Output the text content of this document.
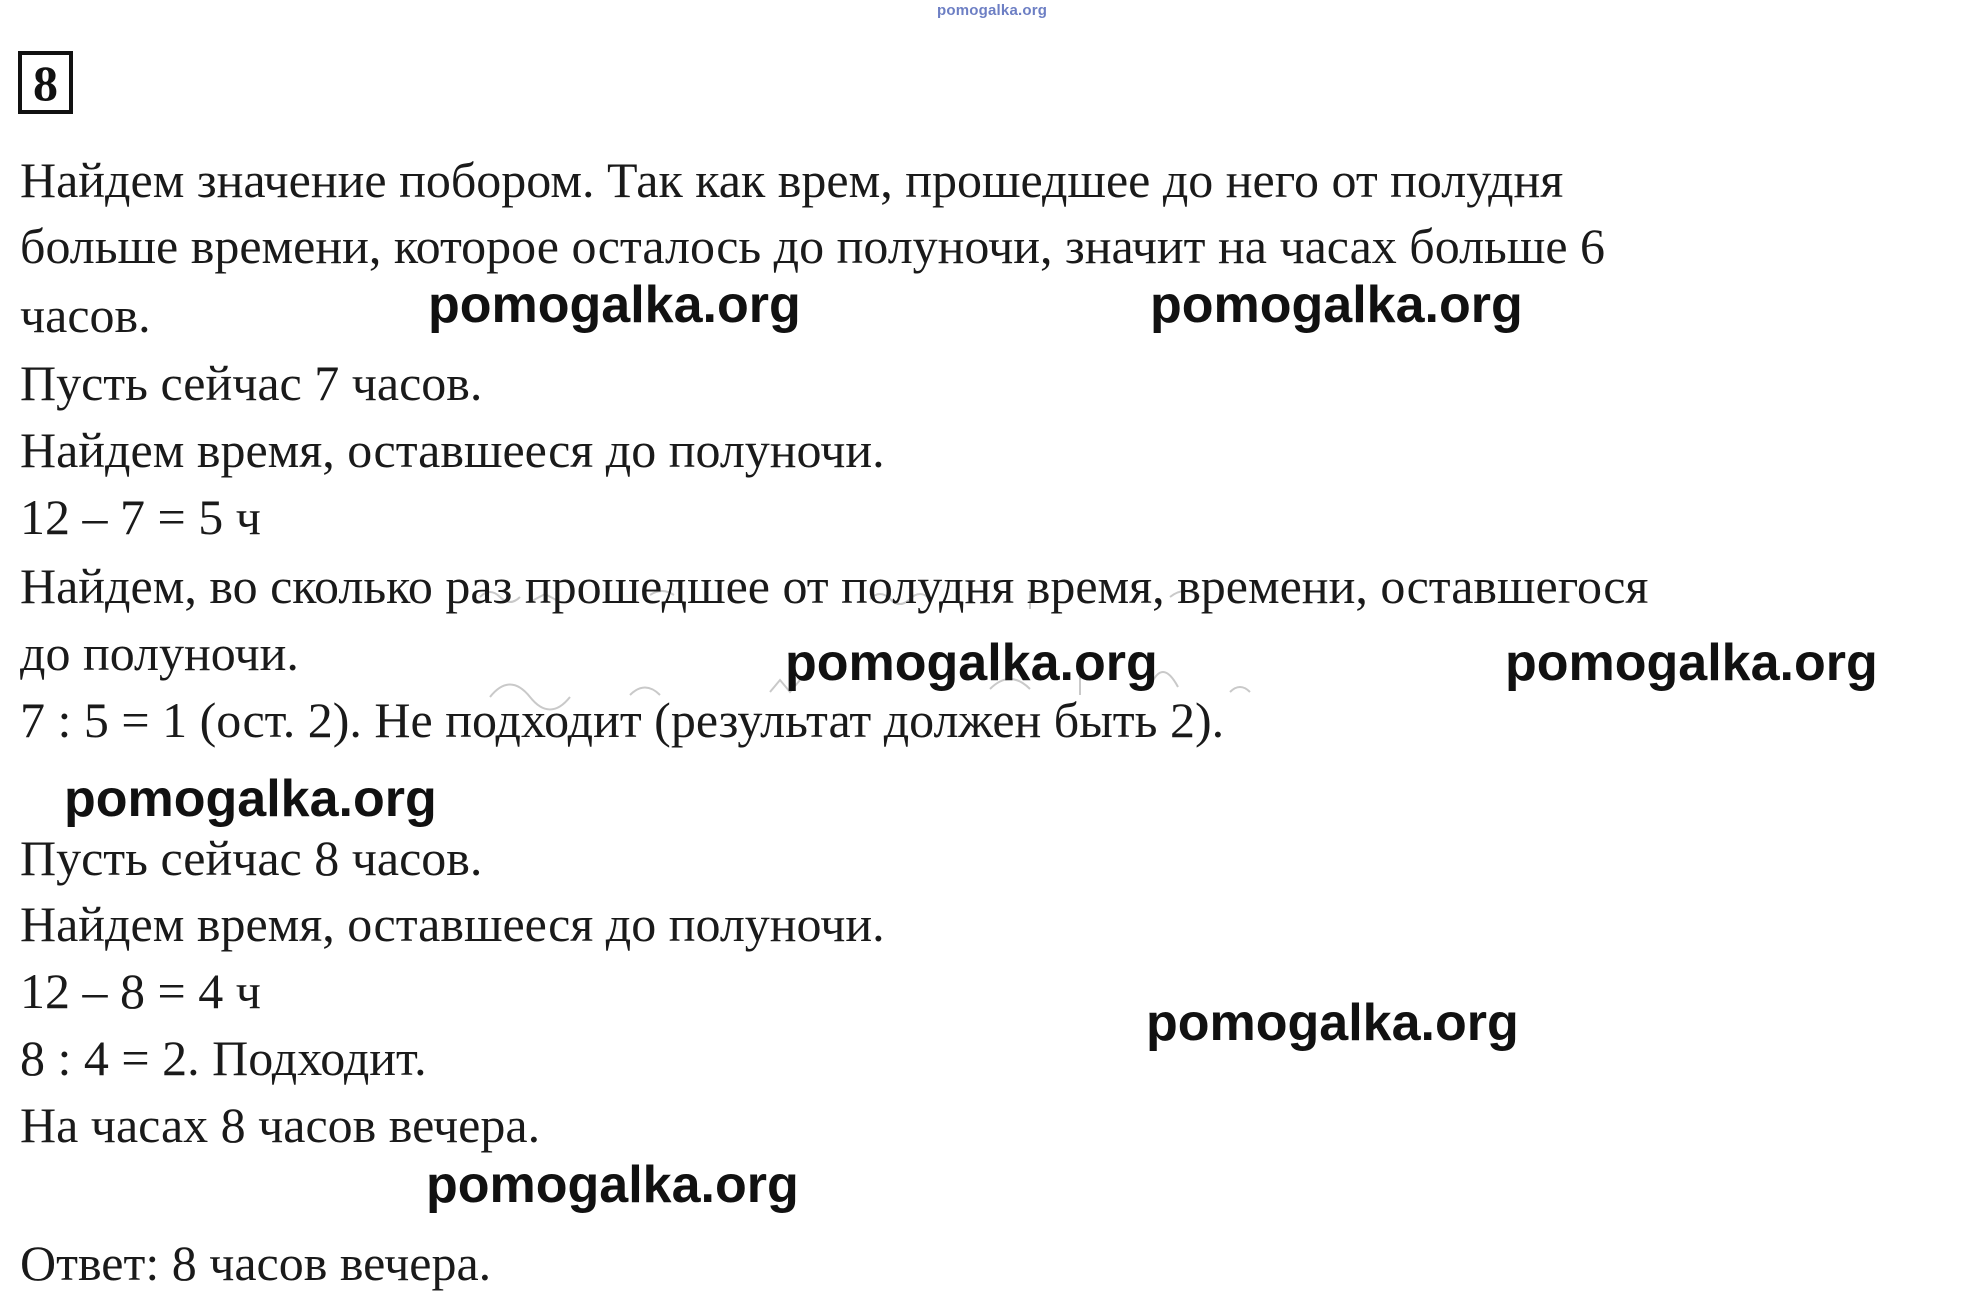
pomogalka.org
8
Найдем значение побором. Так как врем, прошедшее до него от полудня
больше времени, которое осталось до полуночи, значит на часах больше 6
часов.
Пусть сейчас 7 часов.
Найдем время, оставшееся до полуночи.
12 – 7 = 5 ч
Найдем, во сколько раз прошедшее от полудня время, времени, оставшегося
до полуночи.
7 : 5 = 1 (ост. 2). Не подходит (результат должен быть 2).
Пусть сейчас 8 часов.
Найдем время, оставшееся до полуночи.
12 – 8 = 4 ч
8 : 4 = 2. Подходит.
На часах 8 часов вечера.
Ответ: 8 часов вечера.
pomogalka.org	pomogalka.org
pomogalka.org	pomogalka.org
pomogalka.org
pomogalka.org
pomogalka.org
